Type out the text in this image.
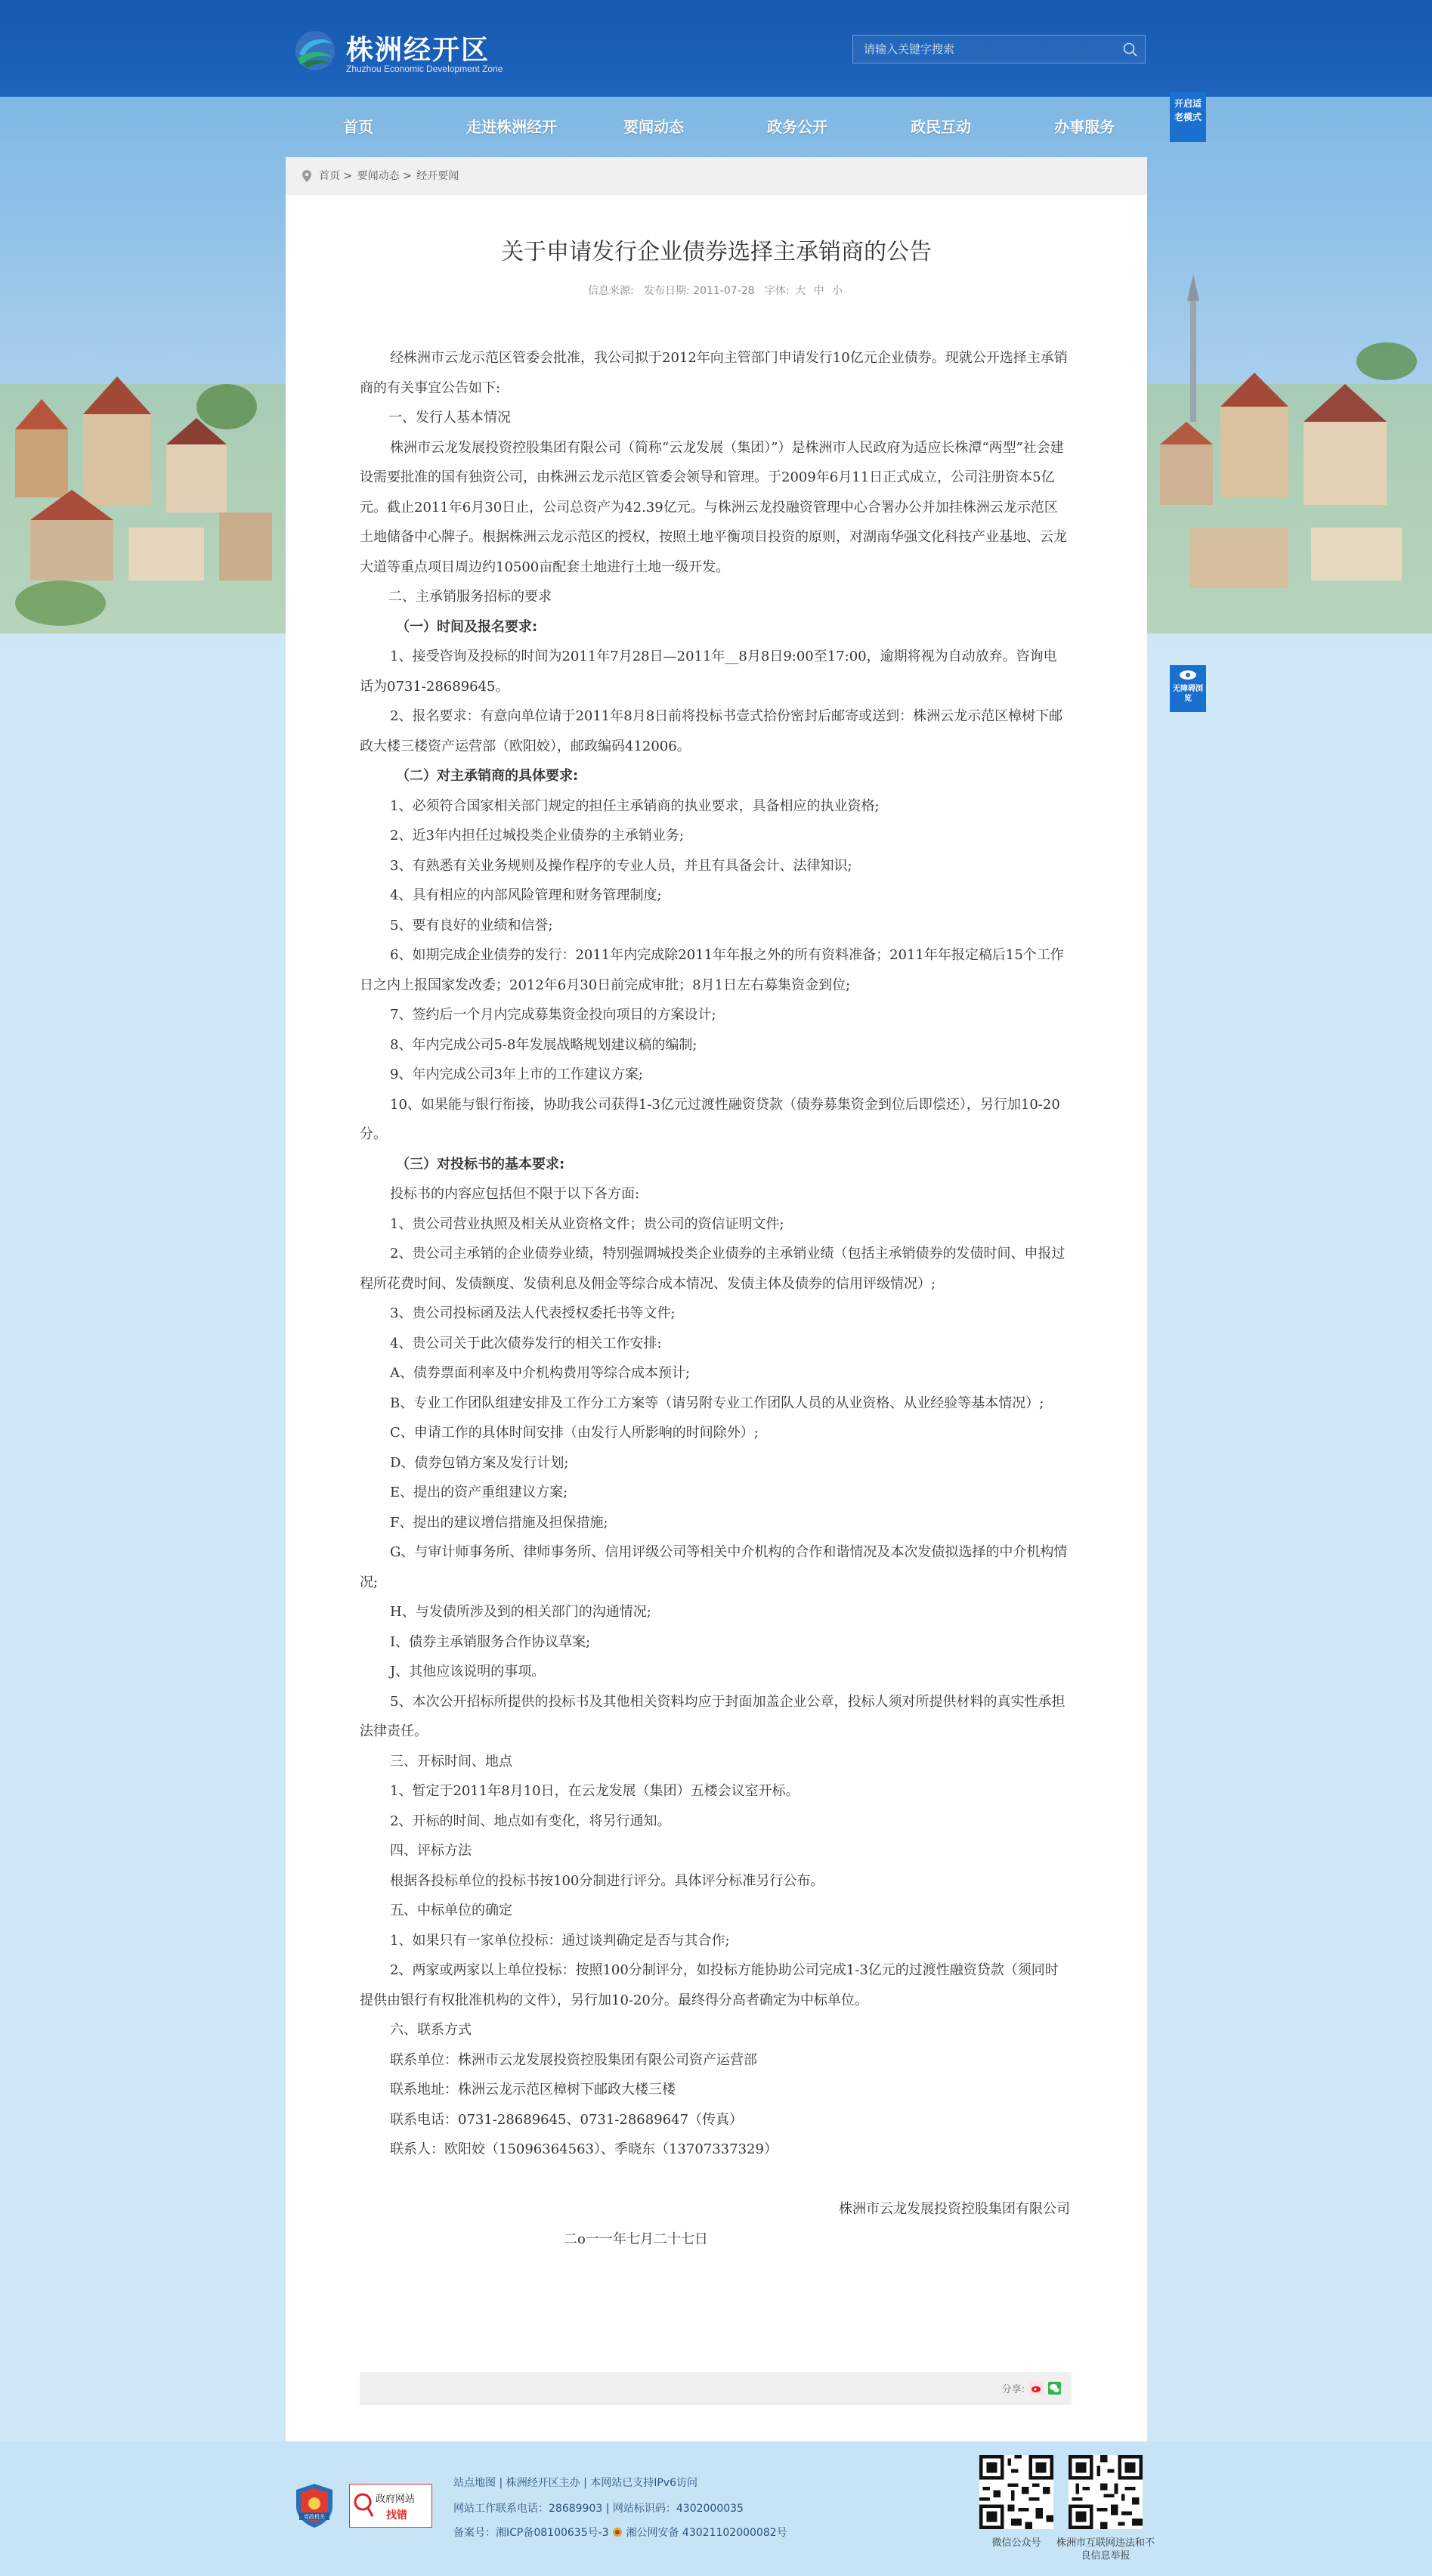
株洲经开区
Zhuzhou Economic Development Zone
请输入关键字搜索
首页	走进株洲经开	要闻动态	政务公开	政民互动	办事服务
开启适老模式
无障碍浏览
首页 > 要闻动态 > 经开要闻
关于申请发行企业债券选择主承销商的公告
信息来源: 发布日期: 2011-07-28 字体: 大 中 小

经株洲市云龙示范区管委会批准，我公司拟于2012年向主管部门申请发行10亿元企业债券。现就公开选择主承销商的有关事宜公告如下:

一、发行人基本情况

株洲市云龙发展投资控股集团有限公司（简称“云龙发展（集团）”）是株洲市人民政府为适应长株潭“两型”社会建设需要批准的国有独资公司，由株洲云龙示范区管委会领导和管理。于2009年6月11日正式成立，公司注册资本5亿元。截止2011年6月30日止，公司总资产为42.39亿元。与株洲云龙投融资管理中心合署办公并加挂株洲云龙示范区土地储备中心牌子。根据株洲云龙示范区的授权，按照土地平衡项目投资的原则，对湖南华强文化科技产业基地、云龙大道等重点项目周边约10500亩配套土地进行土地一级开发。

二、主承销服务招标的要求

（一）时间及报名要求:

1、接受咨询及投标的时间为2011年7月28日—2011年__8月8日9:00至17:00，逾期将视为自动放弃。咨询电话为0731-28689645。

2、报名要求：有意向单位请于2011年8月8日前将投标书壹式拾份密封后邮寄或送到：株洲云龙示范区樟树下邮政大楼三楼资产运营部（欧阳姣），邮政编码412006。

（二）对主承销商的具体要求:

1、必须符合国家相关部门规定的担任主承销商的执业要求，具备相应的执业资格;

2、近3年内担任过城投类企业债券的主承销业务;

3、有熟悉有关业务规则及操作程序的专业人员，并且有具备会计、法律知识;

4、具有相应的内部风险管理和财务管理制度;

5、要有良好的业绩和信誉;

6、如期完成企业债券的发行：2011年内完成除2011年年报之外的所有资料准备；2011年年报定稿后15个工作日之内上报国家发改委；2012年6月30日前完成审批；8月1日左右募集资金到位;

7、签约后一个月内完成募集资金投向项目的方案设计;

8、年内完成公司5-8年发展战略规划建议稿的编制;

9、年内完成公司3年上市的工作建议方案;

10、如果能与银行衔接，协助我公司获得1-3亿元过渡性融资贷款（债券募集资金到位后即偿还），另行加10-20分。

（三）对投标书的基本要求:

投标书的内容应包括但不限于以下各方面:

1、贵公司营业执照及相关从业资格文件；贵公司的资信证明文件;

2、贵公司主承销的企业债券业绩，特别强调城投类企业债券的主承销业绩（包括主承销债券的发债时间、申报过程所花费时间、发债额度、发债利息及佣金等综合成本情况、发债主体及债券的信用评级情况）;

3、贵公司投标函及法人代表授权委托书等文件;

4、贵公司关于此次债券发行的相关工作安排:

A、债券票面利率及中介机构费用等综合成本预计;

B、专业工作团队组建安排及工作分工方案等（请另附专业工作团队人员的从业资格、从业经验等基本情况）;

C、申请工作的具体时间安排（由发行人所影响的时间除外）;

D、债券包销方案及发行计划;

E、提出的资产重组建议方案;

F、提出的建议增信措施及担保措施;

G、与审计师事务所、律师事务所、信用评级公司等相关中介机构的合作和谐情况及本次发债拟选择的中介机构情况;

H、与发债所涉及到的相关部门的沟通情况;

I、债券主承销服务合作协议草案;

J、其他应该说明的事项。

5、本次公开招标所提供的投标书及其他相关资料均应于封面加盖企业公章，投标人须对所提供材料的真实性承担法律责任。

三、开标时间、地点

1、暂定于2011年8月10日，在云龙发展（集团）五楼会议室开标。

2、开标的时间、地点如有变化，将另行通知。

四、评标方法

根据各投标单位的投标书按100分制进行评分。具体评分标准另行公布。

五、中标单位的确定

1、如果只有一家单位投标：通过谈判确定是否与其合作;

2、两家或两家以上单位投标：按照100分制评分，如投标方能协助公司完成1-3亿元的过渡性融资贷款（须同时提供由银行有权批准机构的文件），另行加10-20分。最终得分高者确定为中标单位。

六、联系方式

联系单位：株洲市云龙发展投资控股集团有限公司资产运营部

联系地址：株洲云龙示范区樟树下邮政大楼三楼

联系电话：0731-28689645、0731-28689647（传真）

联系人：欧阳姣（15096364563）、季晓东（13707337329）

株洲市云龙发展投资控股集团有限公司

二o一一年七月二十七日

分享:
党政机关
政府网站
找错
站点地图 | 株洲经开区主办 | 本网站已支持IPv6访问
网站工作联系电话：28689903 | 网站标识码：4302000035
备案号：湘ICP备08100635号-3 湘公网安备 43021102000082号
微信公众号	株洲市互联网违法和不良信息举报
